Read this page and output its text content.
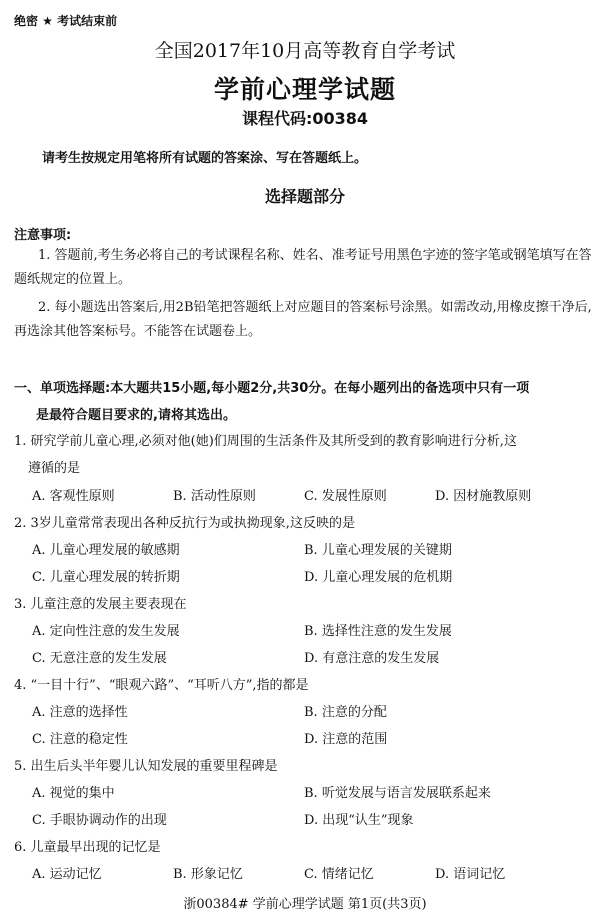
绝密 ★ 考试结束前
全国2017年10月高等教育自学考试
学前心理学试题
课程代码:00384
请考生按规定用笔将所有试题的答案涂、写在答题纸上。
选择题部分
注意事项:
1. 答题前,考生务必将自己的考试课程名称、姓名、准考证号用黑色字迹的签字笔或钢笔填写在答题纸规定的位置上。
2. 每小题选出答案后,用2B铅笔把答题纸上对应题目的答案标号涂黑。如需改动,用橡皮擦干净后,再选涂其他答案标号。不能答在试题卷上。
一、单项选择题:本大题共15小题,每小题2分,共30分。在每小题列出的备选项中只有一项
是最符合题目要求的,请将其选出。
1. 研究学前儿童心理,必须对他(她)们周围的生活条件及其所受到的教育影响进行分析,这
遵循的是
A. 客观性原则	B. 活动性原则	C. 发展性原则	D. 因材施教原则
2. 3岁儿童常常表现出各种反抗行为或执拗现象,这反映的是
A. 儿童心理发展的敏感期	B. 儿童心理发展的关键期
C. 儿童心理发展的转折期	D. 儿童心理发展的危机期
3. 儿童注意的发展主要表现在
A. 定向性注意的发生发展	B. 选择性注意的发生发展
C. 无意注意的发生发展	D. 有意注意的发生发展
4. “一目十行”、“眼观六路”、“耳听八方”,指的都是
A. 注意的选择性	B. 注意的分配
C. 注意的稳定性	D. 注意的范围
5. 出生后头半年婴儿认知发展的重要里程碑是
A. 视觉的集中	B. 听觉发展与语言发展联系起来
C. 手眼协调动作的出现	D. 出现“认生”现象
6. 儿童最早出现的记忆是
A. 运动记忆	B. 形象记忆	C. 情绪记忆	D. 语词记忆
浙00384# 学前心理学试题 第1页(共3页)
